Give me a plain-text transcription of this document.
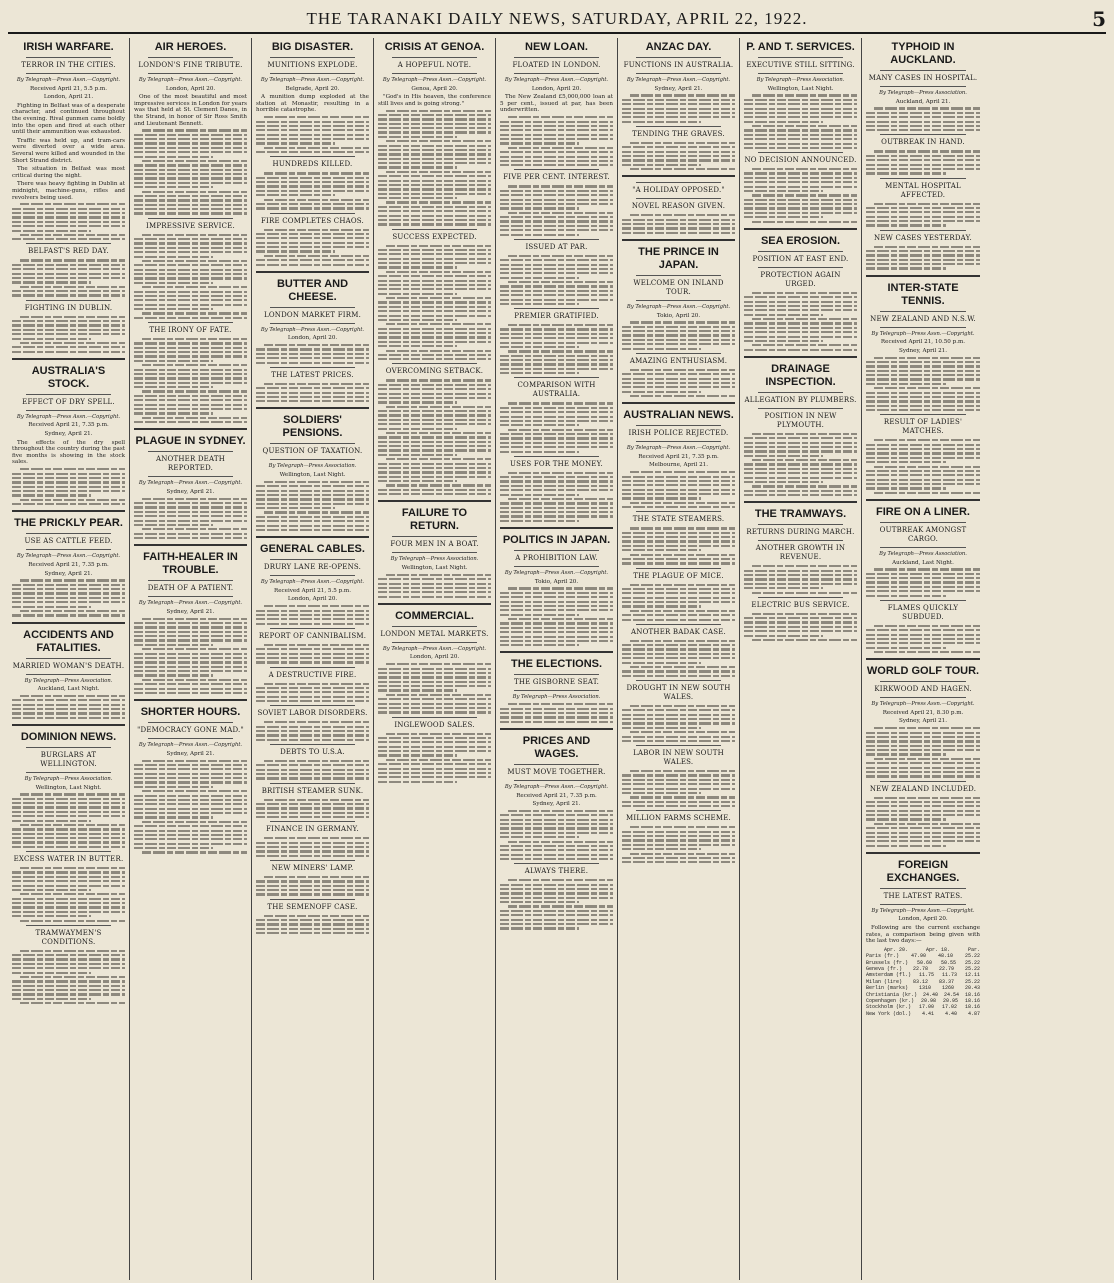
THE TARANAKI DAILY NEWS, SATURDAY, APRIL 22, 1922.	5
IRISH WARFARE.
TERROR IN THE CITIES.
By Telegraph—Press Assn.—Copyright.
Received April 21, 5.5 p.m.
London, April 21.

Fighting in Belfast was of a desperate character, and continued throughout the evening. Rival gunmen came boldly into the open and fired at each other until their ammunition was exhausted.

Traffic was held up, and tram-cars were diverted over a wide area. Several were killed and wounded in the Short Strand district.

The situation in Belfast was most critical during the night.

There was heavy fighting in Dublin at midnight, machine-guns, rifles and revolvers being used.

BELFAST'S RED DAY.
FIGHTING IN DUBLIN.
AUSTRALIA'S STOCK.
EFFECT OF DRY SPELL.
By Telegraph—Press Assn.—Copyright.
Received April 21, 7.35 p.m.
Sydney, April 21.

The effects of the dry spell throughout the country during the past five months is showing in the stock sales.

THE PRICKLY PEAR.
USE AS CATTLE FEED.
By Telegraph—Press Assn.—Copyright.
Received April 21, 7.35 p.m.
Sydney, April 21.
ACCIDENTS AND FATALITIES.
MARRIED WOMAN'S DEATH.
By Telegraph—Press Association.
Auckland, Last Night.
DOMINION NEWS.
BURGLARS AT WELLINGTON.
By Telegraph—Press Association.
Wellington, Last Night.
EXCESS WATER IN BUTTER.
TRAMWAYMEN'S CONDITIONS.
AIR HEROES.
LONDON'S FINE TRIBUTE.
By Telegraph—Press Assn.—Copyright.
London, April 20.

One of the most beautiful and most impressive services in London for years was that held at St. Clement Danes, in the Strand, in honor of Sir Ross Smith and Lieutenant Bennett.

IMPRESSIVE SERVICE.
THE IRONY OF FATE.
PLAGUE IN SYDNEY.
ANOTHER DEATH REPORTED.
By Telegraph—Press Assn.—Copyright.
Sydney, April 21.
FAITH-HEALER IN TROUBLE.
DEATH OF A PATIENT.
By Telegraph—Press Assn.—Copyright.
Sydney, April 21.
SHORTER HOURS.
"DEMOCRACY GONE MAD."
By Telegraph—Press Assn.—Copyright.
Sydney, April 21.
BIG DISASTER.
MUNITIONS EXPLODE.
By Telegraph—Press Assn.—Copyright.
Belgrade, April 20.

A munition dump exploded at the station at Monastir, resulting in a horrible catastrophe.

HUNDREDS KILLED.
FIRE COMPLETES CHAOS.
BUTTER AND CHEESE.
LONDON MARKET FIRM.
By Telegraph—Press Assn.—Copyright.
London, April 20.
THE LATEST PRICES.
SOLDIERS' PENSIONS.
QUESTION OF TAXATION.
By Telegraph—Press Association.
Wellington, Last Night.
GENERAL CABLES.
DRURY LANE RE-OPENS.
By Telegraph—Press Assn.—Copyright.
Received April 21, 5.5 p.m.
London, April 20.
REPORT OF CANNIBALISM.
A DESTRUCTIVE FIRE.
SOVIET LABOR DISORDERS.
DEBTS TO U.S.A.
BRITISH STEAMER SUNK.
FINANCE IN GERMANY.
NEW MINERS' LAMP.
THE SEMENOFF CASE.
CRISIS AT GENOA.
A HOPEFUL NOTE.
By Telegraph—Press Assn.—Copyright.
Genoa, April 20.

"God's in His heaven, the conference still lives and is going strong."

SUCCESS EXPECTED.
OVERCOMING SETBACK.
FAILURE TO RETURN.
FOUR MEN IN A BOAT.
By Telegraph—Press Association.
Wellington, Last Night.
COMMERCIAL.
LONDON METAL MARKETS.
By Telegraph—Press Assn.—Copyright.
London, April 20.
INGLEWOOD SALES.
NEW LOAN.
FLOATED IN LONDON.
By Telegraph—Press Assn.—Copyright.
London, April 20.

The New Zealand £5,000,000 loan at 5 per cent., issued at par, has been underwritten.

FIVE PER CENT. INTEREST.
ISSUED AT PAR.
PREMIER GRATIFIED.
COMPARISON WITH AUSTRALIA.
USES FOR THE MONEY.
POLITICS IN JAPAN.
A PROHIBITION LAW.
By Telegraph—Press Assn.—Copyright.
Tokio, April 20.
THE ELECTIONS.
THE GISBORNE SEAT.
By Telegraph—Press Association.
PRICES AND WAGES.
MUST MOVE TOGETHER.
By Telegraph—Press Assn.—Copyright.
Received April 21, 7.35 p.m.
Sydney, April 21.
ALWAYS THERE.
ANZAC DAY.
FUNCTIONS IN AUSTRALIA.
By Telegraph—Press Assn.—Copyright.
Sydney, April 21.
TENDING THE GRAVES.
"A HOLIDAY OPPOSED."
NOVEL REASON GIVEN.
THE PRINCE IN JAPAN.
WELCOME ON INLAND TOUR.
By Telegraph—Press Assn.—Copyright.
Tokio, April 20.
AMAZING ENTHUSIASM.
AUSTRALIAN NEWS.
IRISH POLICE REJECTED.
By Telegraph—Press Assn.—Copyright.
Received April 21, 7.35 p.m.
Melbourne, April 21.
THE STATE STEAMERS.
THE PLAGUE OF MICE.
ANOTHER BADAK CASE.
DROUGHT IN NEW SOUTH WALES.
LABOR IN NEW SOUTH WALES.
MILLION FARMS SCHEME.
P. AND T. SERVICES.
EXECUTIVE STILL SITTING.
By Telegraph—Press Association.
Wellington, Last Night.
NO DECISION ANNOUNCED.
SEA EROSION.
POSITION AT EAST END.
PROTECTION AGAIN URGED.
DRAINAGE INSPECTION.
ALLEGATION BY PLUMBERS.
POSITION IN NEW PLYMOUTH.
THE TRAMWAYS.
RETURNS DURING MARCH.
ANOTHER GROWTH IN REVENUE.
ELECTRIC BUS SERVICE.
TYPHOID IN AUCKLAND.
MANY CASES IN HOSPITAL.
By Telegraph—Press Association.
Auckland, April 21.
OUTBREAK IN HAND.
MENTAL HOSPITAL AFFECTED.
NEW CASES YESTERDAY.
INTER-STATE TENNIS.
NEW ZEALAND AND N.S.W.
By Telegraph—Press Assn.—Copyright.
Received April 21, 10.50 p.m.
Sydney, April 21.
RESULT OF LADIES' MATCHES.
FIRE ON A LINER.
OUTBREAK AMONGST CARGO.
By Telegraph—Press Association.
Auckland, Last Night.
FLAMES QUICKLY SUBDUED.
WORLD GOLF TOUR.
KIRKWOOD AND HAGEN.
By Telegraph—Press Assn.—Copyright.
Received April 21, 8.30 p.m.
Sydney, April 21.
NEW ZEALAND INCLUDED.
FOREIGN EXCHANGES.
THE LATEST RATES.
By Telegraph—Press Assn.—Copyright.
London, April 20.

Following are the current exchange rates, a comparison being given with the last two days:—

Apr. 20.	Apr. 18.	Par.
Paris (fr.) 47.90 48.10 25.22
Brussels (fr.) 50.60 50.55 25.22
Geneva (fr.) 22.78 22.79 25.22
Amsterdam (fl.) 11.75 11.73 12.11
Milan (lire) 83.12 83.37 25.22
Berlin (marks) 1310 1260 20.43
Christiania (kr.) 24.40 24.54 18.16
Copenhagen (kr.) 20.98 20.95 18.16
Stockholm (kr.) 17.00 17.02 18.16
New York (dol.) 4.41 4.40 4.87
